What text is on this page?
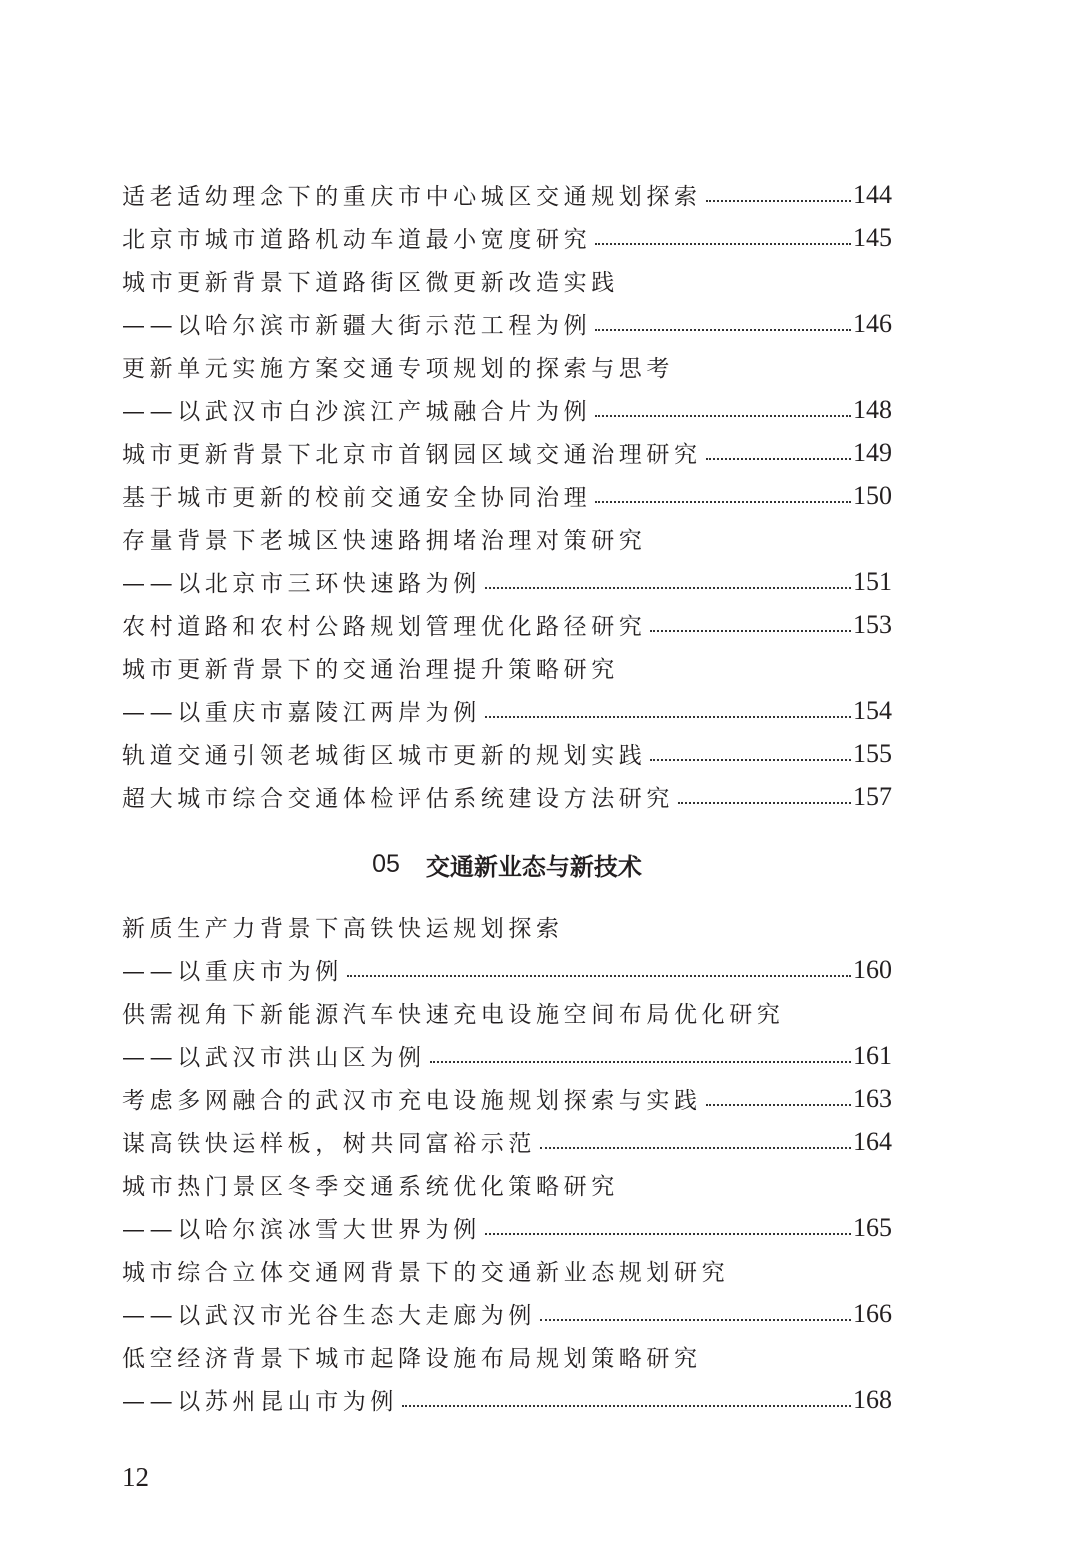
适老适幼理念下的重庆市中心城区交通规划探索	144
北京市城市道路机动车道最小宽度研究	145
城市更新背景下道路街区微更新改造实践
——以哈尔滨市新疆大街示范工程为例	146
更新单元实施方案交通专项规划的探索与思考
——以武汉市白沙滨江产城融合片为例	148
城市更新背景下北京市首钢园区域交通治理研究	149
基于城市更新的校前交通安全协同治理	150
存量背景下老城区快速路拥堵治理对策研究
——以北京市三环快速路为例	151
农村道路和农村公路规划管理优化路径研究	153
城市更新背景下的交通治理提升策略研究
——以重庆市嘉陵江两岸为例	154
轨道交通引领老城街区城市更新的规划实践	155
超大城市综合交通体检评估系统建设方法研究	157
05 交通新业态与新技术
新质生产力背景下高铁快运规划探索
——以重庆市为例	160
供需视角下新能源汽车快速充电设施空间布局优化研究
——以武汉市洪山区为例	161
考虑多网融合的武汉市充电设施规划探索与实践	163
谋高铁快运样板，树共同富裕示范	164
城市热门景区冬季交通系统优化策略研究
——以哈尔滨冰雪大世界为例	165
城市综合立体交通网背景下的交通新业态规划研究
——以武汉市光谷生态大走廊为例	166
低空经济背景下城市起降设施布局规划策略研究
——以苏州昆山市为例	168
12
